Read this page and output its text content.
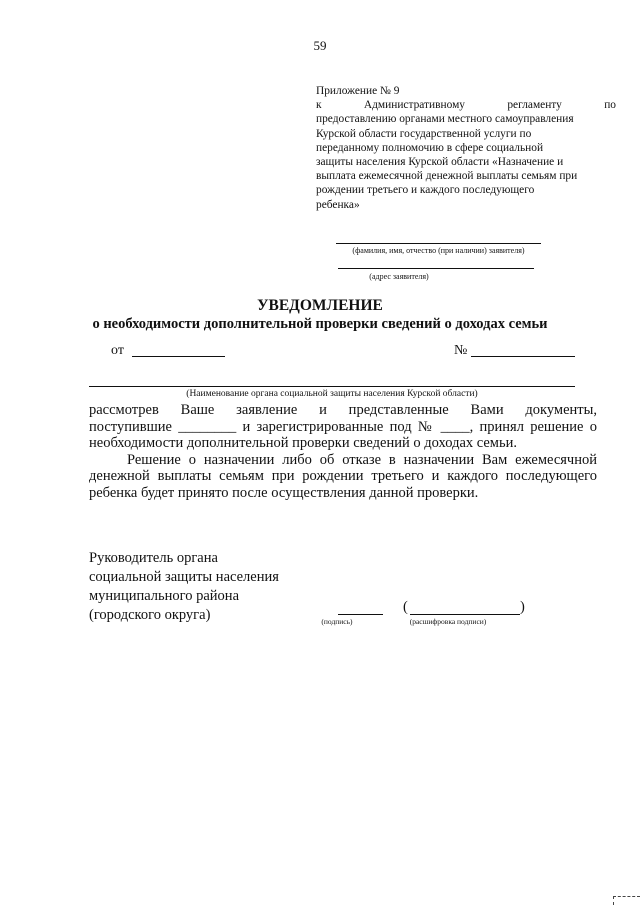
59
Приложение № 9
к Административному регламенту по
предоставлению органами местного самоуправления
Курской области государственной услуги по
переданному полномочию в сфере социальной
защиты населения Курской области «Назначение и
выплата ежемесячной денежной выплаты семьям при
рождении третьего и каждого последующего
ребенка»
(фамилия, имя, отчество (при наличии) заявителя)
(адрес заявителя)
УВЕДОМЛЕНИЕ
о необходимости дополнительной проверки сведений о доходах семьи
от	№
(Наименование органа социальной защиты населения Курской области)
рассмотрев Ваше заявление и представленные Вами документы,
поступившие ________ и зарегистрированные под № ____, принял решение о
необходимости дополнительной проверки сведений о доходах семьи.
Решение о назначении либо об отказе в назначении Вам ежемесячной денежной выплаты семьям при рождении третьего и каждого последующего ребенка будет принято после осуществления данной проверки.
Руководитель органа
социальной защиты населения
муниципального района
(городского округа)	(подпись)
(	)
(расшифровка подписи)
